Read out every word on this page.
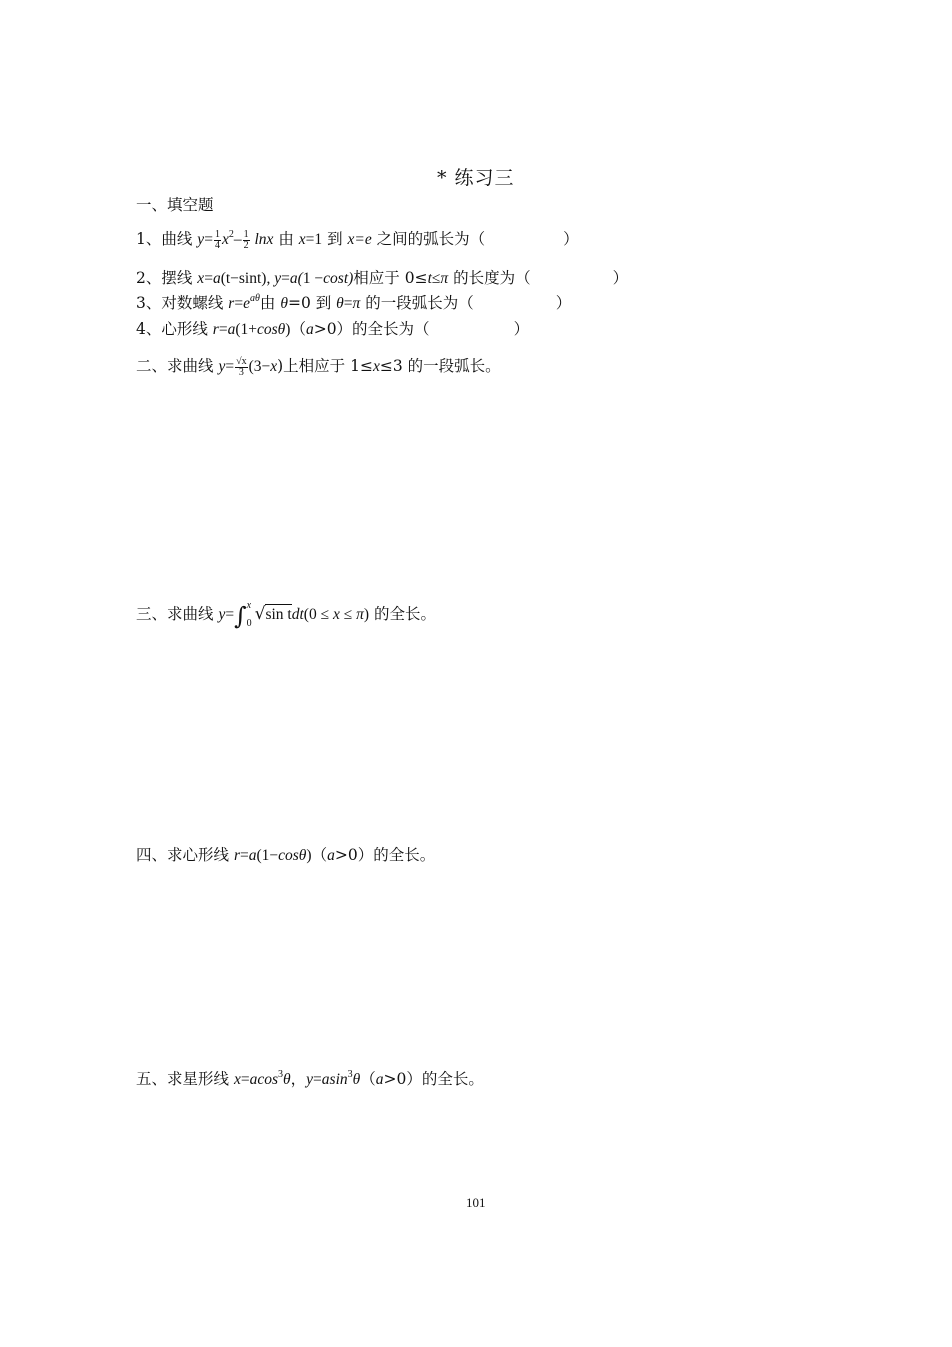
* 练习三
一、填空题
1、曲线 $y= \frac{1}{4} x^2- \frac{1}{2}$ lnx 由 x=1 到 x=e 之间的弧长为（	）
2、摆线 x=a(t−sint), y=a(1 −cost)相应于 0≤t≤π 的长度为（	）
3、对数螺线 $r=e^{a\theta}$由 θ=0 到 θ=π 的一段弧长为（	）
4、心形线 r=a(1+cosθ)（a>0）的全长为（	）
二、求曲线 $y= \frac{√x}{3} (3-x)$上相应于 1≤x≤3 的一段弧长。
三、求曲线 y=∫ x
0 √sin tdt(0 ≤ x ≤ π) 的全长。
四、求心形线 r=a(1−cosθ)（a>0）的全长。
五、求星形线 x=acos$^3$θ，y=asin$^3$θ（a>0）的全长。
101
